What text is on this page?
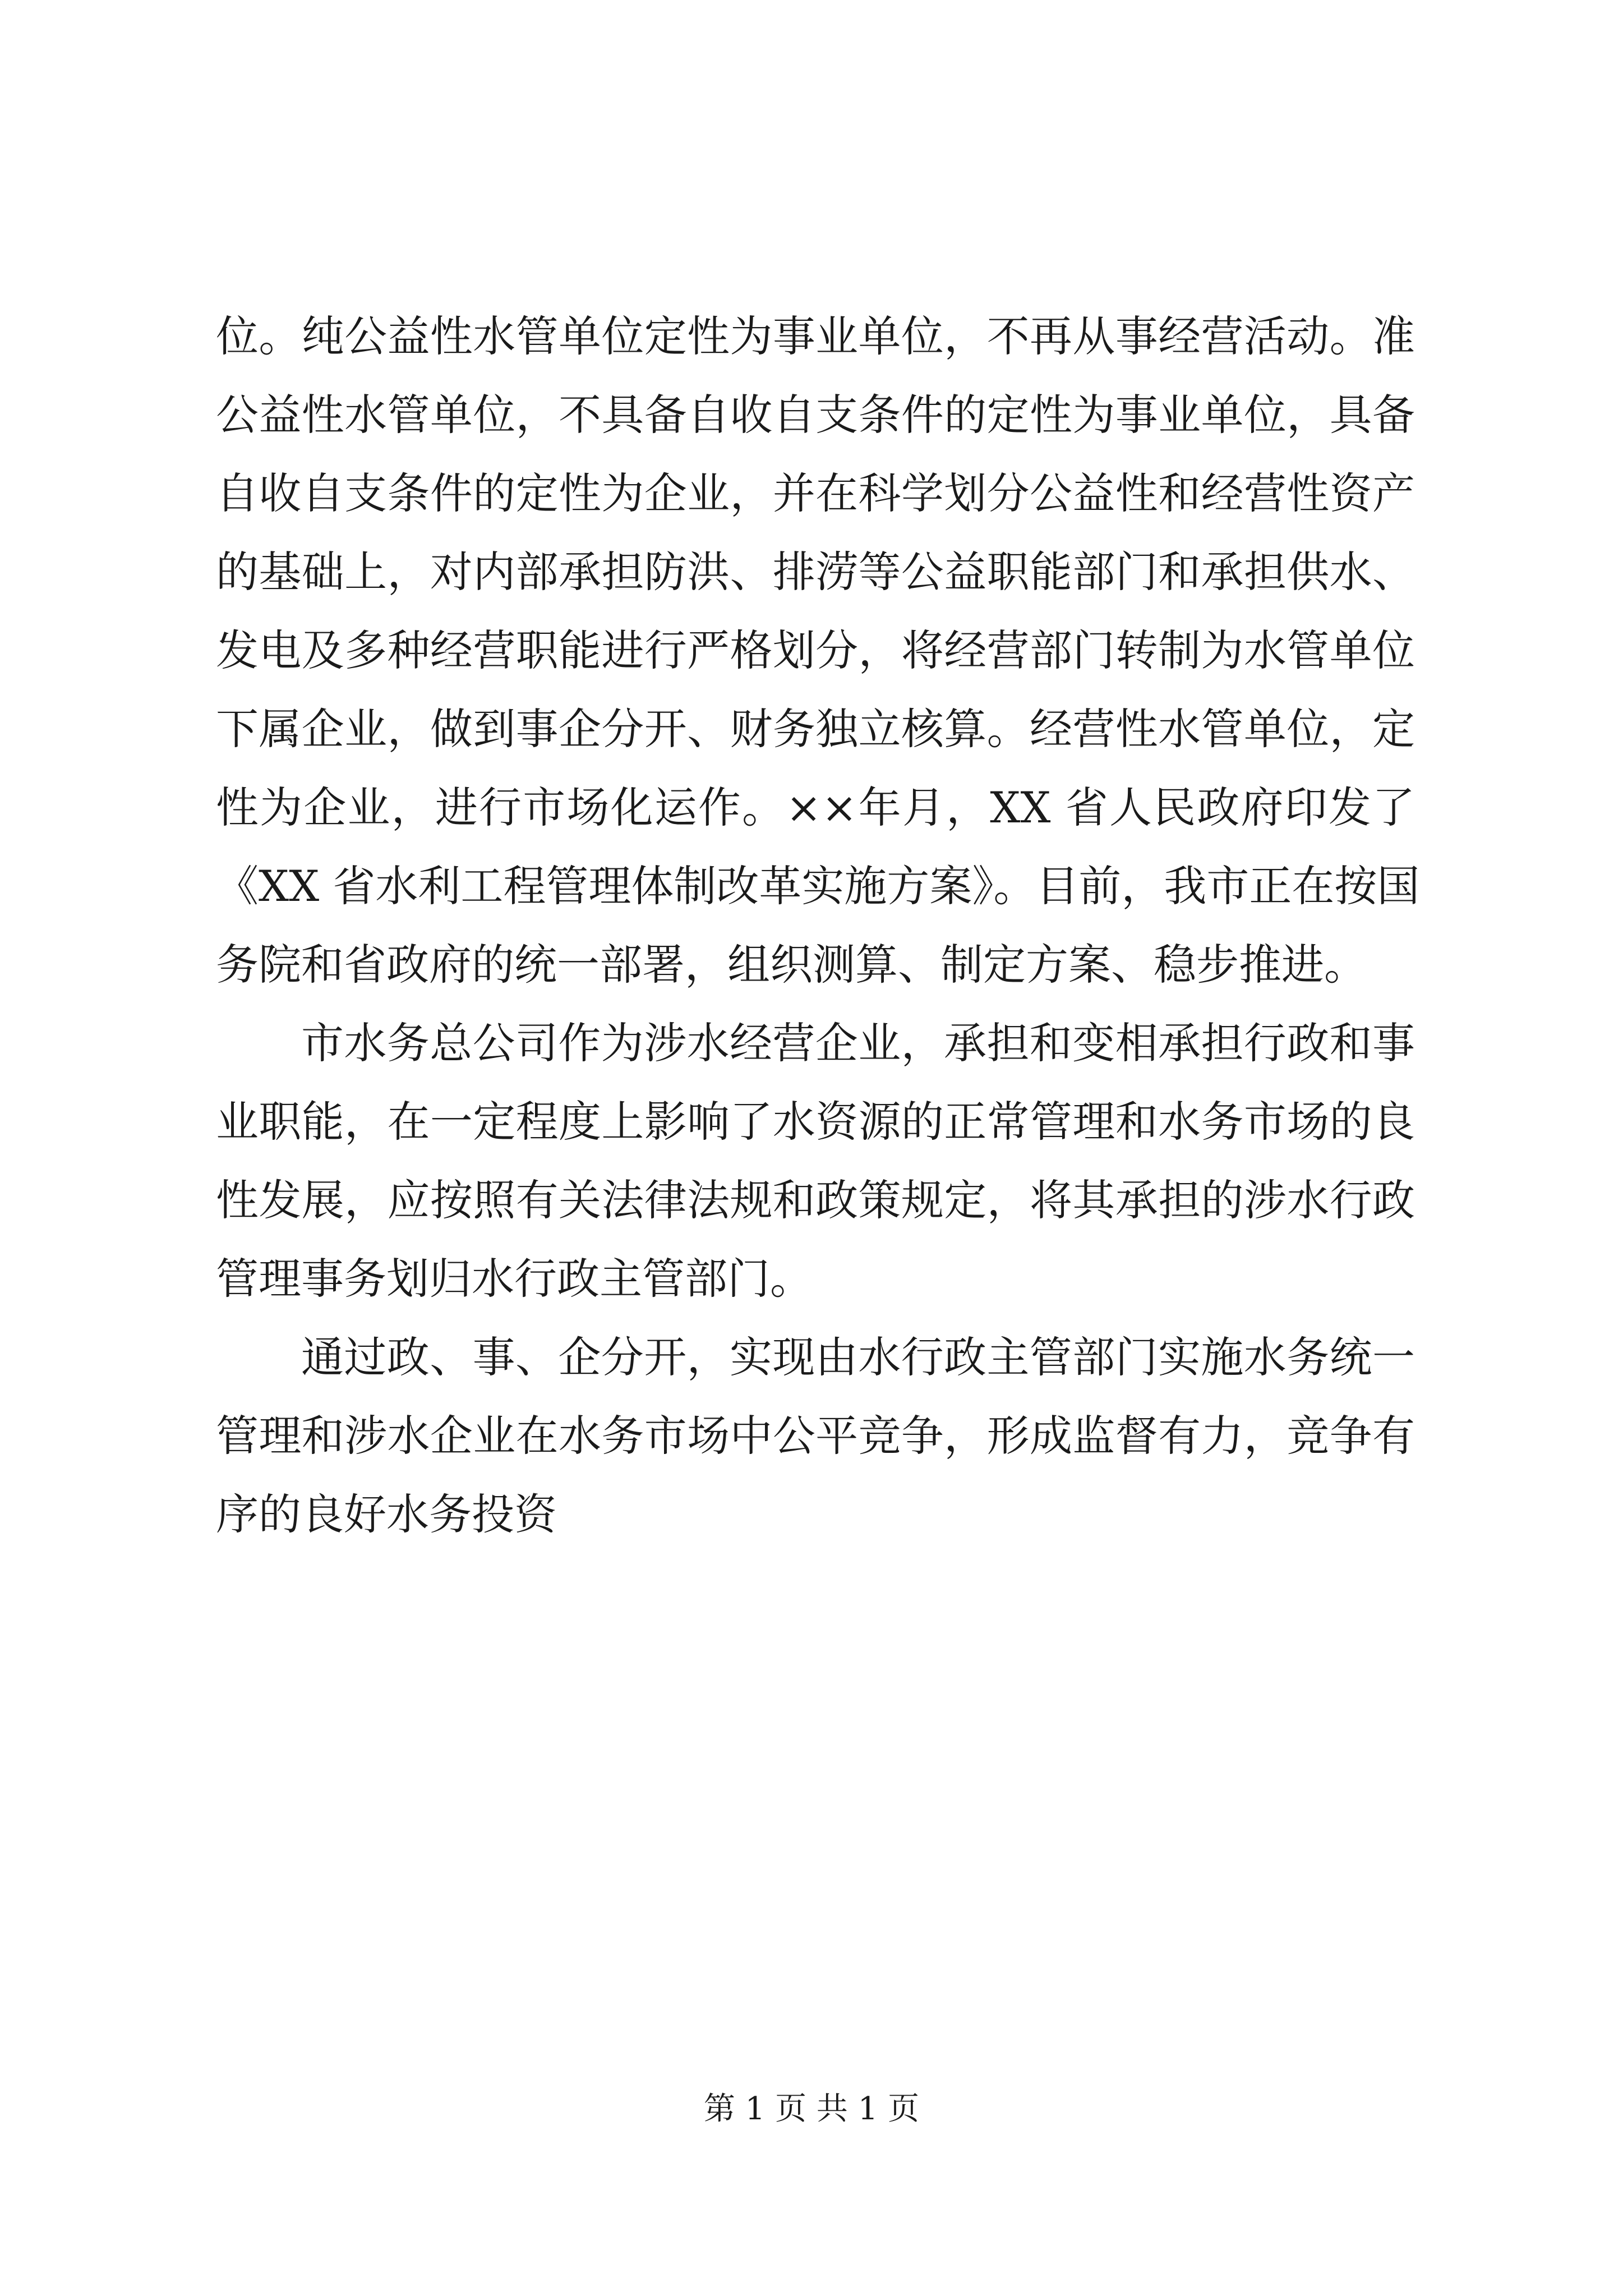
位。纯公益性水管单位定性为事业单位，不再从事经营活动。准
公益性水管单位，不具备自收自支条件的定性为事业单位，具备
自收自支条件的定性为企业，并在科学划分公益性和经营性资产
的基础上，对内部承担防洪、排涝等公益职能部门和承担供水、
发电及多种经营职能进行严格划分，将经营部门转制为水管单位
下属企业，做到事企分开、财务独立核算。经营性水管单位，定
性为企业，进行市场化运作。××年月，XX 省人民政府印发了
《XX 省水利工程管理体制改革实施方案》。目前，我市正在按国
务院和省政府的统一部署，组织测算、制定方案、稳步推进。
市水务总公司作为涉水经营企业，承担和变相承担行政和事
业职能，在一定程度上影响了水资源的正常管理和水务市场的良
性发展，应按照有关法律法规和政策规定，将其承担的涉水行政
管理事务划归水行政主管部门。
通过政、事、企分开，实现由水行政主管部门实施水务统一
管理和涉水企业在水务市场中公平竞争，形成监督有力，竞争有
序的良好水务投资
第 1 页 共 1 页
